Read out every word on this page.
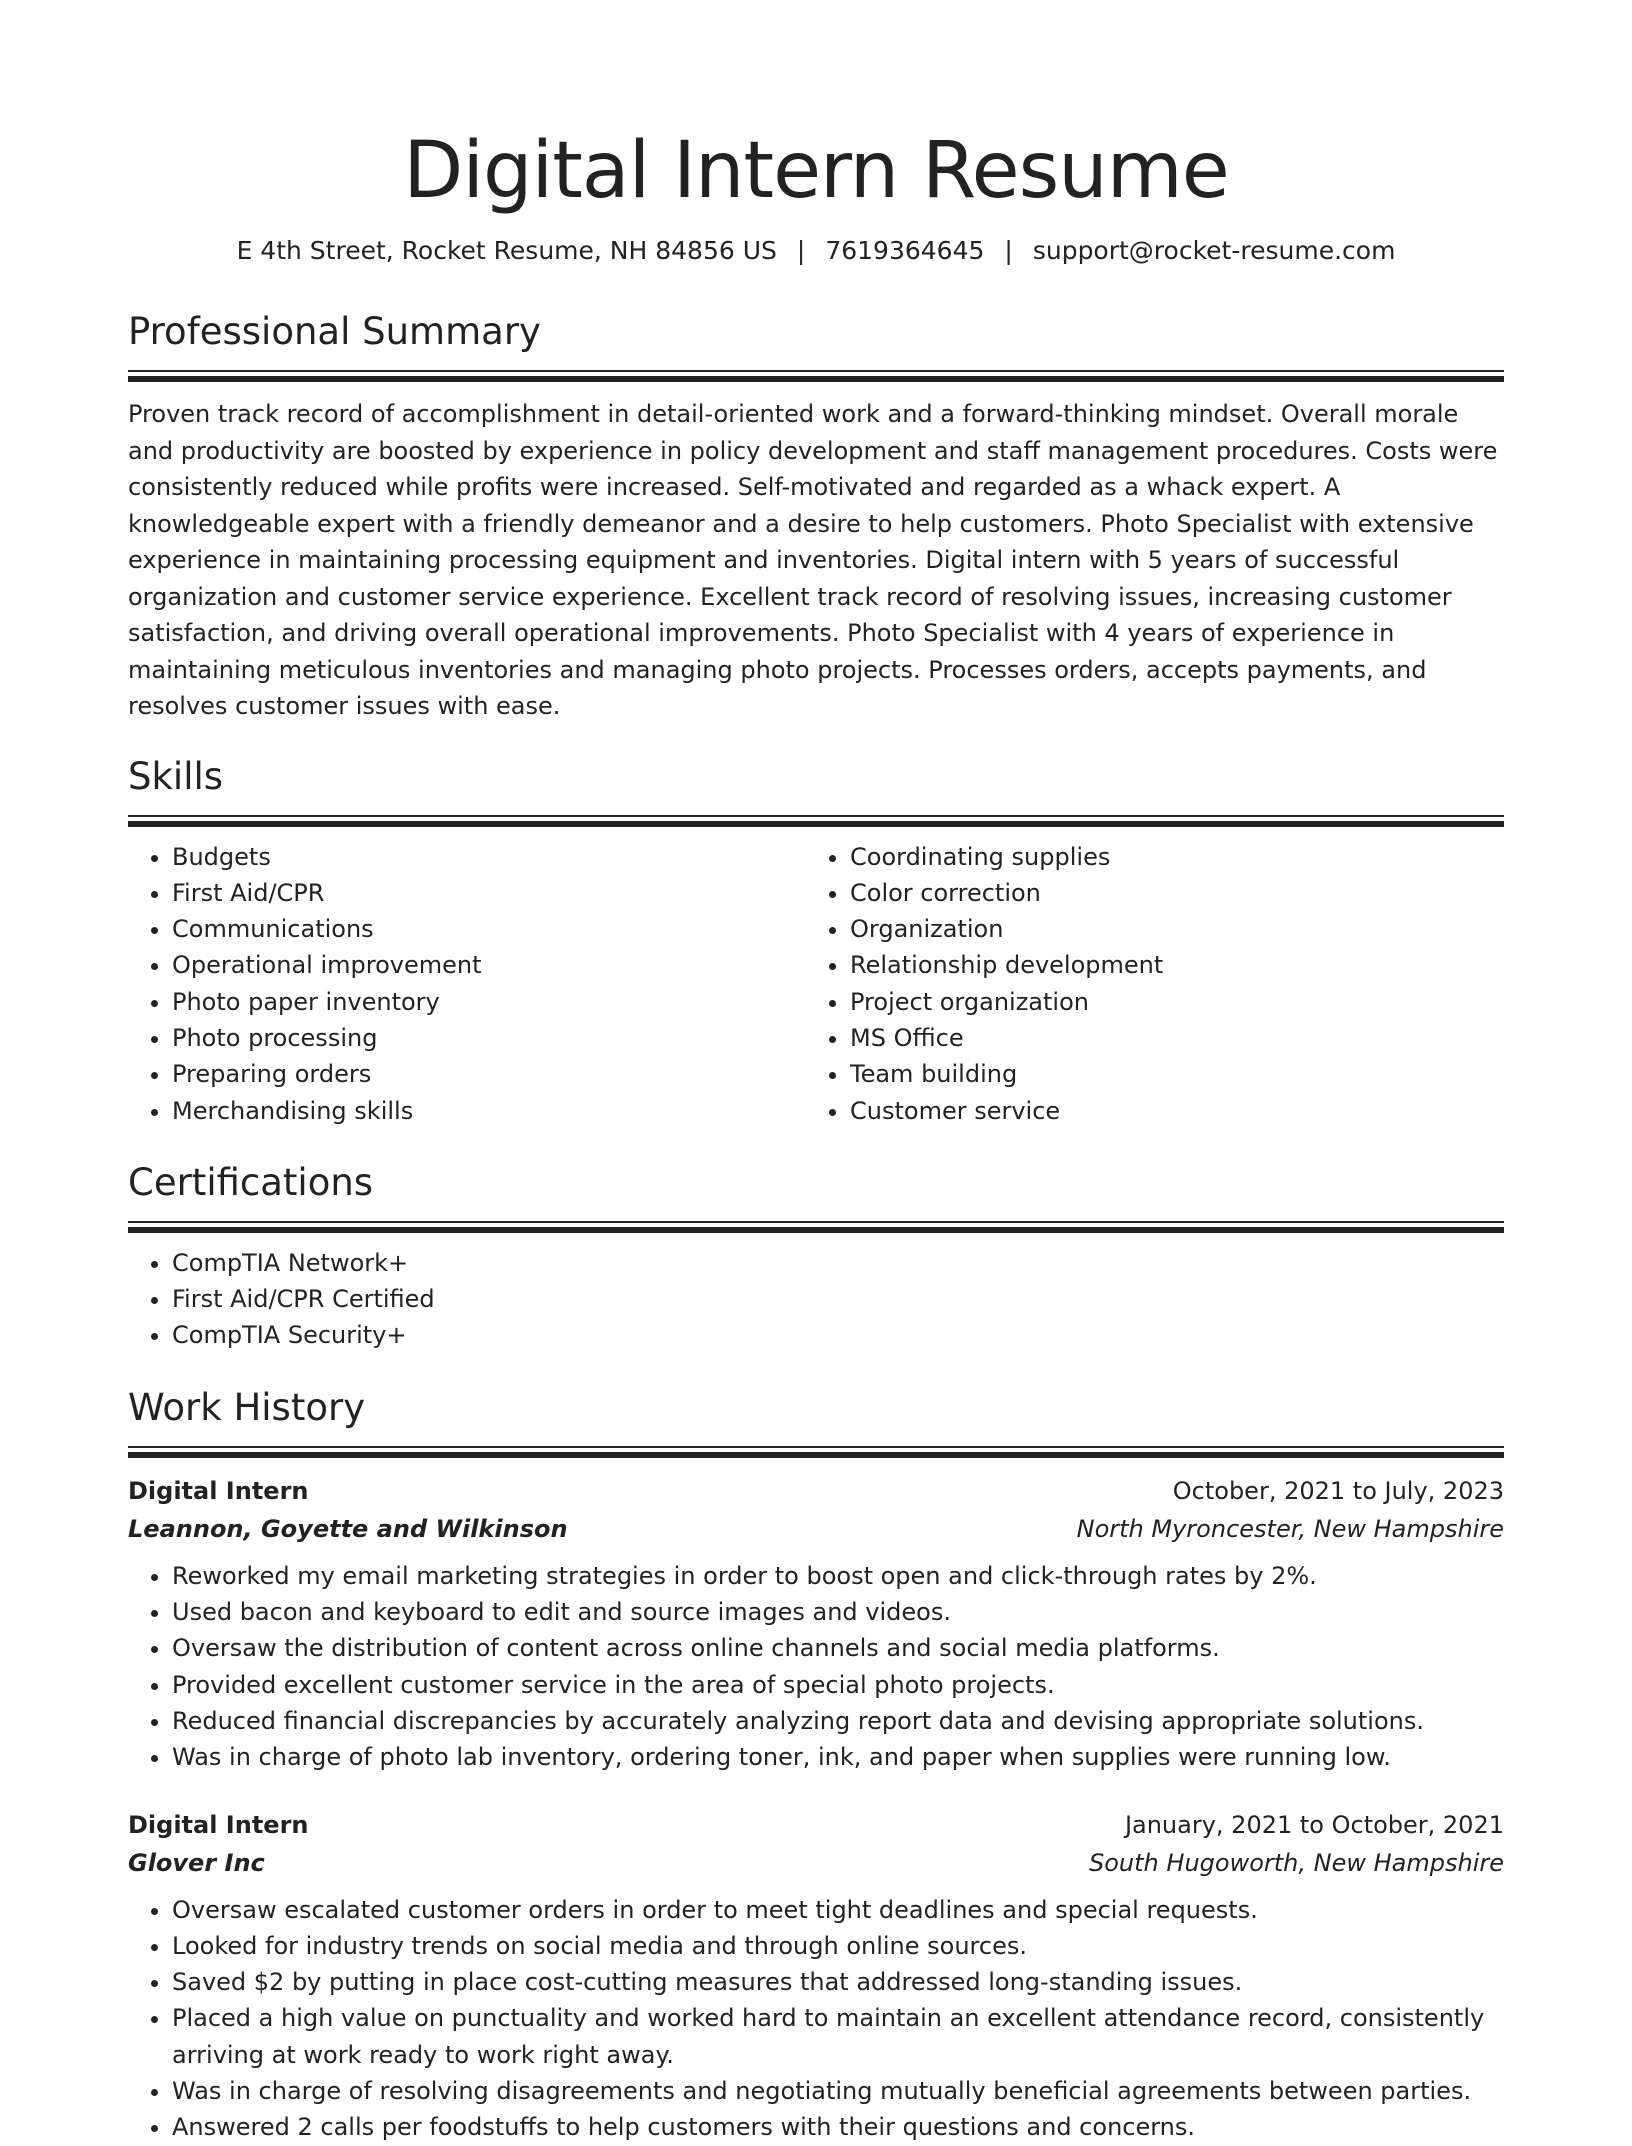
Digital Intern Resume
E 4th Street, Rocket Resume, NH 84856 US | 7619364645 | support@rocket-resume.com
Professional Summary

Proven track record of accomplishment in detail-oriented work and a forward-thinking mindset. Overall morale and productivity are boosted by experience in policy development and staff management procedures. Costs were consistently reduced while profits were increased. Self-motivated and regarded as a whack expert. A knowledgeable expert with a friendly demeanor and a desire to help customers. Photo Specialist with extensive experience in maintaining processing equipment and inventories. Digital intern with 5 years of successful organization and customer service experience. Excellent track record of resolving issues, increasing customer satisfaction, and driving overall operational improvements. Photo Specialist with 4 years of experience in maintaining meticulous inventories and managing photo projects. Processes orders, accepts payments, and resolves customer issues with ease.

Skills
• Budgets
• First Aid/CPR
• Communications
• Operational improvement
• Photo paper inventory
• Photo processing
• Preparing orders
• Merchandising skills
• Coordinating supplies
• Color correction
• Organization
• Relationship development
• Project organization
• MS Office
• Team building
• Customer service
Certifications
• CompTIA Network+
• First Aid/CPR Certified
• CompTIA Security+
Work History
Digital Intern	October, 2021 to July, 2023
Leannon, Goyette and Wilkinson	North Myroncester, New Hampshire
• Reworked my email marketing strategies in order to boost open and click-through rates by 2%.
• Used bacon and keyboard to edit and source images and videos.
• Oversaw the distribution of content across online channels and social media platforms.
• Provided excellent customer service in the area of special photo projects.
• Reduced financial discrepancies by accurately analyzing report data and devising appropriate solutions.
• Was in charge of photo lab inventory, ordering toner, ink, and paper when supplies were running low.
Digital Intern	January, 2021 to October, 2021
Glover Inc	South Hugoworth, New Hampshire
• Oversaw escalated customer orders in order to meet tight deadlines and special requests.
• Looked for industry trends on social media and through online sources.
• Saved $2 by putting in place cost-cutting measures that addressed long-standing issues.
• Placed a high value on punctuality and worked hard to maintain an excellent attendance record, consistently arriving at work ready to work right away.
• Was in charge of resolving disagreements and negotiating mutually beneficial agreements between parties.
• Answered 2 calls per foodstuffs to help customers with their questions and concerns.
